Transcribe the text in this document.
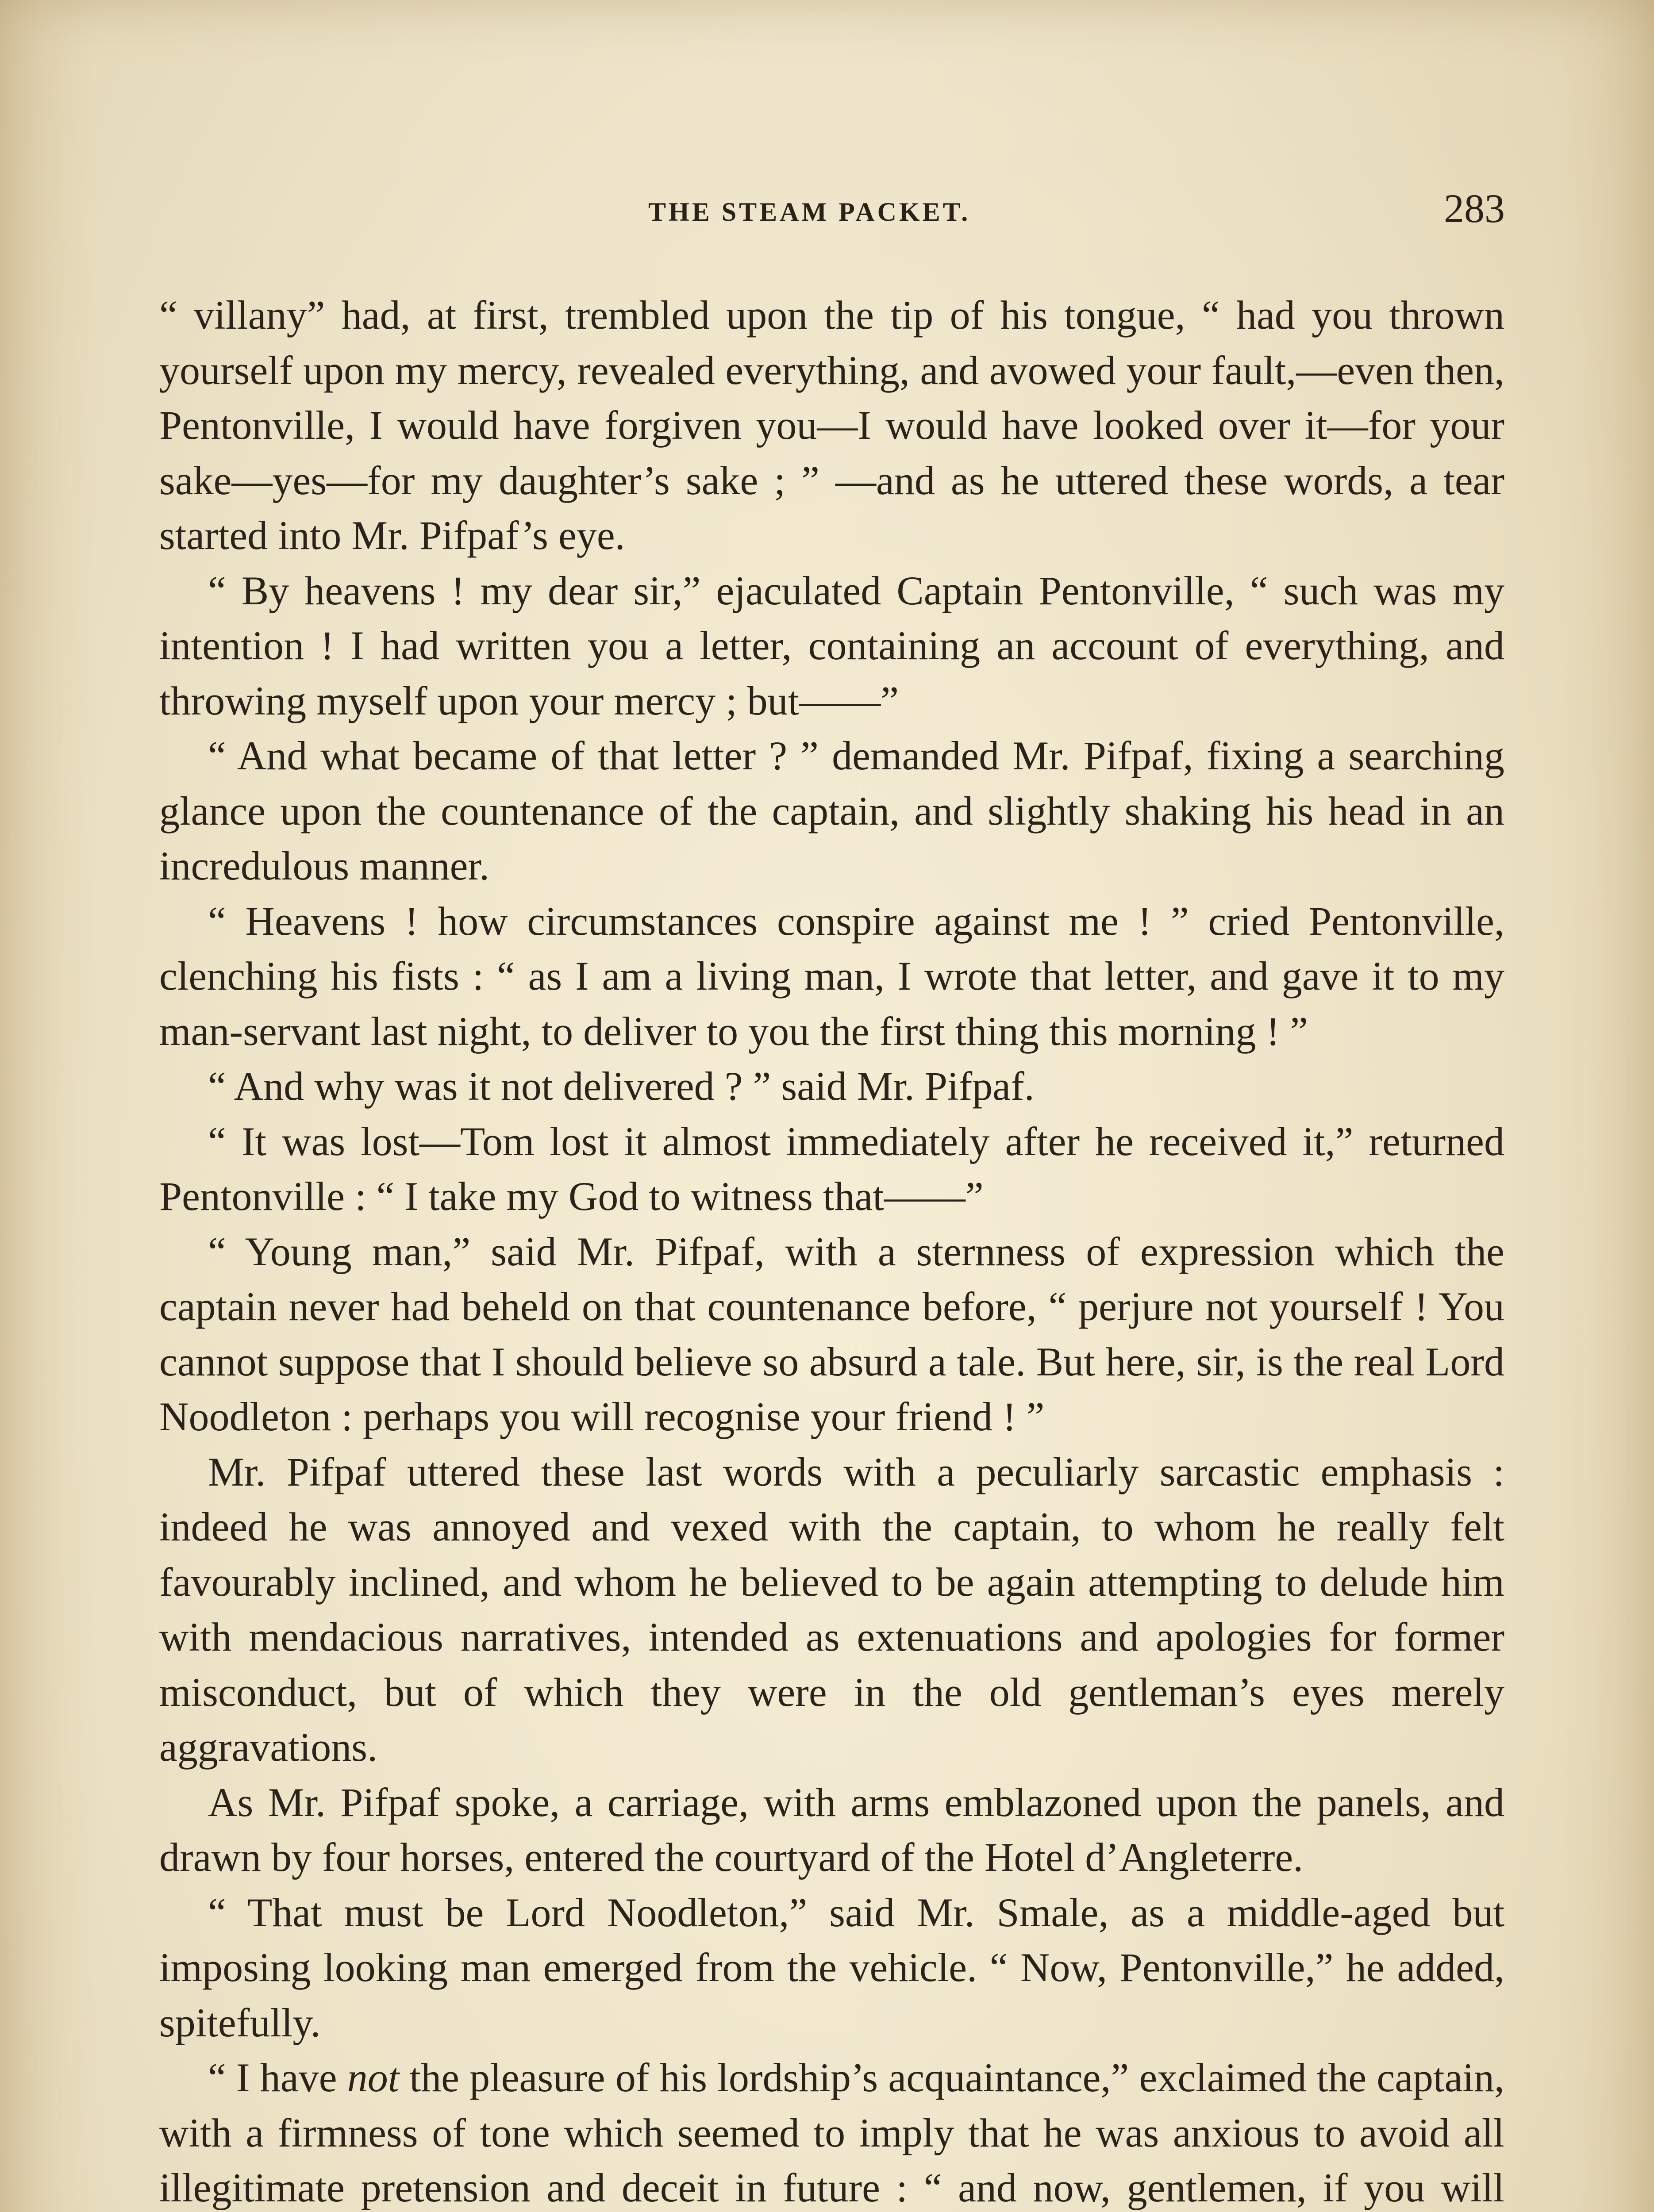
THE STEAM PACKET.	283

“ villany” had, at first, trembled upon the tip of his tongue, “ had you thrown yourself upon my mercy, revealed everything, and avowed your fault,—even then, Pentonville, I would have forgiven you—I would have looked over it—for your sake—yes—for my daughter’s sake ; ” —and as he uttered these words, a tear started into Mr. Pifpaf’s eye.

“ By heavens ! my dear sir,” ejaculated Captain Pentonville, “ such was my intention ! I had written you a letter, containing an account of everything, and throwing myself upon your mercy ; but——”

“ And what became of that letter ? ” demanded Mr. Pifpaf, fixing a searching glance upon the countenance of the captain, and slightly shaking his head in an incredulous manner.

“ Heavens ! how circumstances conspire against me ! ” cried Pentonville, clenching his fists : “ as I am a living man, I wrote that letter, and gave it to my man-servant last night, to deliver to you the first thing this morning ! ”

“ And why was it not delivered ? ” said Mr. Pifpaf.

“ It was lost—Tom lost it almost immediately after he received it,” returned Pentonville : “ I take my God to witness that——”

“ Young man,” said Mr. Pifpaf, with a sternness of expression which the captain never had beheld on that countenance before, “ perjure not yourself ! You cannot suppose that I should believe so absurd a tale. But here, sir, is the real Lord Noodleton : perhaps you will recognise your friend ! ”

Mr. Pifpaf uttered these last words with a peculiarly sarcastic emphasis : indeed he was annoyed and vexed with the captain, to whom he really felt favourably inclined, and whom he believed to be again attempting to delude him with mendacious narratives, intended as extenuations and apologies for former misconduct, but of which they were in the old gentleman’s eyes merely aggravations.

As Mr. Pifpaf spoke, a carriage, with arms emblazoned upon the panels, and drawn by four horses, entered the courtyard of the Hotel d’Angleterre.

“ That must be Lord Noodleton,” said Mr. Smale, as a middle-aged but imposing looking man emerged from the vehicle. “ Now, Pentonville,” he added, spitefully.

“ I have not the pleasure of his lordship’s acquaintance,” exclaimed the captain, with a firmness of tone which seemed to imply that he was anxious to avoid all illegitimate pretension and deceit in future : “ and now, gentlemen, if you will
